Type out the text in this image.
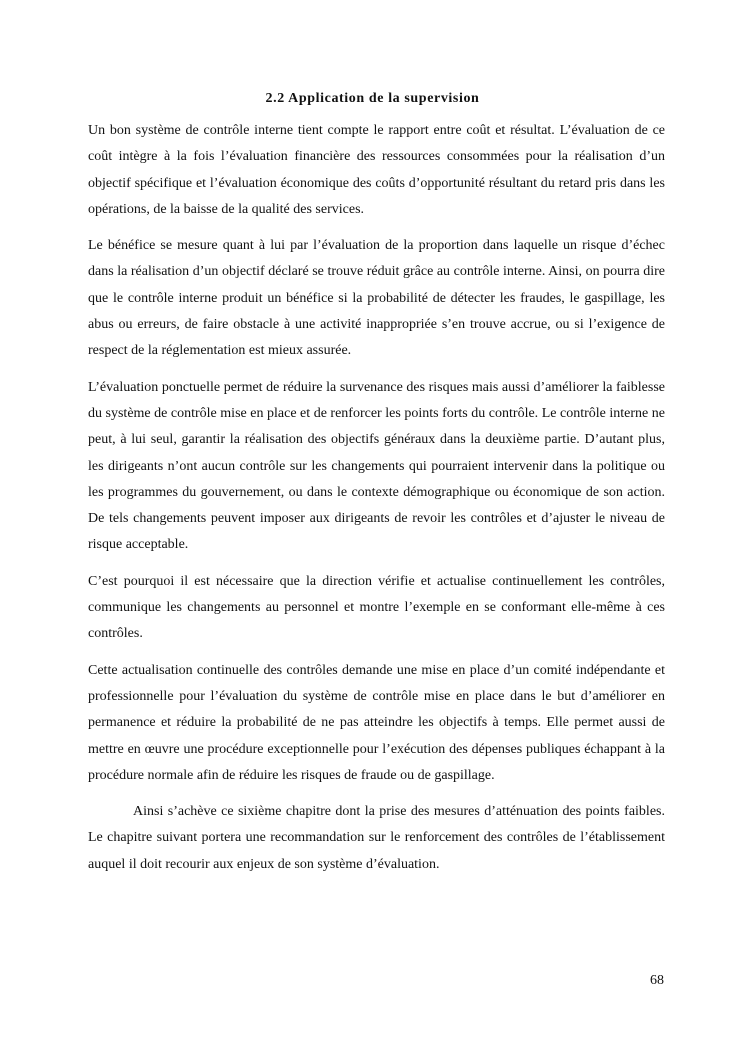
2.2 Application de la supervision

Un bon système de contrôle interne tient compte le rapport entre coût et résultat. L’évaluation de ce coût intègre à la fois l’évaluation financière des ressources consommées pour la réalisation d’un objectif spécifique et l’évaluation économique des coûts d’opportunité résultant du retard pris dans les opérations, de la baisse de la qualité des services.

Le bénéfice se mesure quant à lui par l’évaluation de la proportion dans laquelle un risque d’échec dans la réalisation d’un objectif déclaré se trouve réduit grâce au contrôle interne. Ainsi, on pourra dire que le contrôle interne produit un bénéfice si la probabilité de détecter les fraudes, le gaspillage, les abus ou erreurs, de faire obstacle à une activité inappropriée s’en trouve accrue, ou si l’exigence de respect de la réglementation est mieux assurée.

L’évaluation ponctuelle permet de réduire la survenance des risques mais aussi d’améliorer la faiblesse du système de contrôle mise en place et de renforcer les points forts du contrôle. Le contrôle interne ne peut, à lui seul, garantir la réalisation des objectifs généraux dans la deuxième partie. D’autant plus, les dirigeants n’ont aucun contrôle sur les changements qui pourraient intervenir dans la politique ou les programmes du gouvernement, ou dans le contexte démographique ou économique de son action. De tels changements peuvent imposer aux dirigeants de revoir les contrôles et d’ajuster le niveau de risque acceptable.

C’est pourquoi il est nécessaire que la direction vérifie et actualise continuellement les contrôles, communique les changements au personnel et montre l’exemple en se conformant elle-même à ces contrôles.

Cette actualisation continuelle des contrôles demande une mise en place d’un comité indépendante et professionnelle pour l’évaluation du système de contrôle mise en place dans le but d’améliorer en permanence et réduire la probabilité de ne pas atteindre les objectifs à temps. Elle permet aussi de mettre en œuvre une procédure exceptionnelle pour l’exécution des dépenses publiques échappant à la procédure normale afin de réduire les risques de fraude ou de gaspillage.

Ainsi s’achève ce sixième chapitre dont la prise des mesures d’atténuation des points faibles. Le chapitre suivant portera une recommandation sur le renforcement des contrôles de l’établissement auquel il doit recourir aux enjeux de son système d’évaluation.

68
